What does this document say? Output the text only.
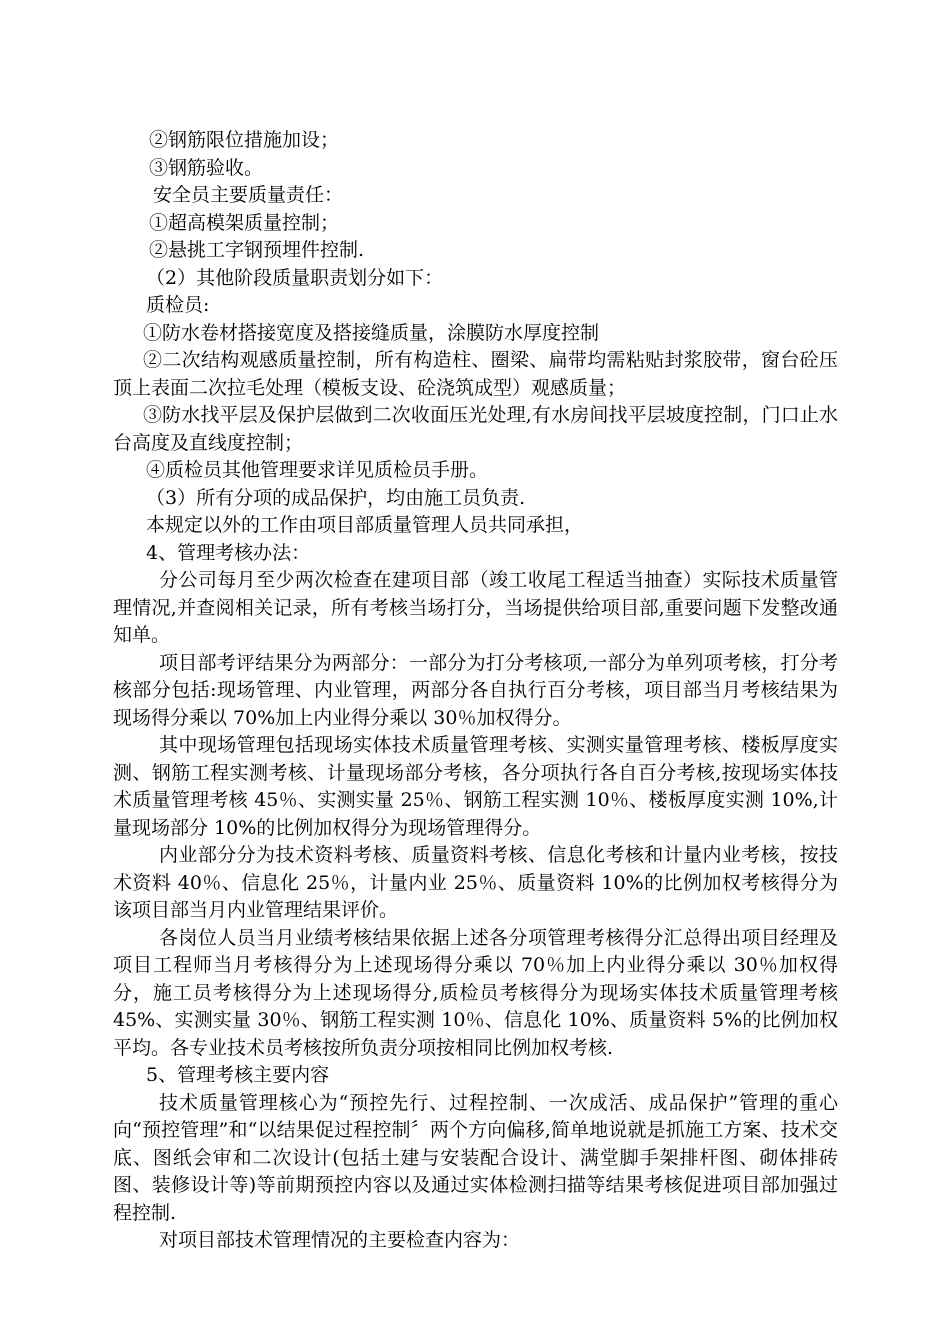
②钢筋限位措施加设；

③钢筋验收。

安全员主要质量责任：

①超高模架质量控制；

②悬挑工字钢预埋件控制.

（2）其他阶段质量职责划分如下：

质检员:

①防水卷材搭接宽度及搭接缝质量，涂膜防水厚度控制

②二次结构观感质量控制，所有构造柱、圈梁、扁带均需粘贴封浆胶带，窗台砼压顶上表面二次拉毛处理（模板支设、砼浇筑成型）观感质量；

③防水找平层及保护层做到二次收面压光处理,有水房间找平层坡度控制，门口止水台高度及直线度控制；

④质检员其他管理要求详见质检员手册。

（3）所有分项的成品保护，均由施工员负责.

本规定以外的工作由项目部质量管理人员共同承担，

4、管理考核办法：

分公司每月至少两次检查在建项目部（竣工收尾工程适当抽查）实际技术质量管理情况,并查阅相关记录，所有考核当场打分，当场提供给项目部,重要问题下发整改通知单。

项目部考评结果分为两部分：一部分为打分考核项,一部分为单列项考核，打分考核部分包括:现场管理、内业管理，两部分各自执行百分考核，项目部当月考核结果为现场得分乘以 70%加上内业得分乘以 30％加权得分。

其中现场管理包括现场实体技术质量管理考核、实测实量管理考核、楼板厚度实测、钢筋工程实测考核、计量现场部分考核，各分项执行各自百分考核,按现场实体技术质量管理考核 45％、实测实量 25％、钢筋工程实测 10％、楼板厚度实测 10%,计量现场部分 10%的比例加权得分为现场管理得分。

内业部分分为技术资料考核、质量资料考核、信息化考核和计量内业考核，按技术资料 40％、信息化 25％，计量内业 25％、质量资料 10%的比例加权考核得分为该项目部当月内业管理结果评价。

各岗位人员当月业绩考核结果依据上述各分项管理考核得分汇总得出项目经理及项目工程师当月考核得分为上述现场得分乘以 70％加上内业得分乘以 30％加权得分，施工员考核得分为上述现场得分,质检员考核得分为现场实体技术质量管理考核 45%、实测实量 30％、钢筋工程实测 10％、信息化 10%、质量资料 5%的比例加权平均。各专业技术员考核按所负责分项按相同比例加权考核.

5、管理考核主要内容

技术质量管理核心为“预控先行、过程控制、一次成活、成品保护”管理的重心向“预控管理”和“以结果促过程控制〞两个方向偏移,简单地说就是抓施工方案、技术交底、图纸会审和二次设计(包括土建与安装配合设计、满堂脚手架排杆图、砌体排砖图、装修设计等)等前期预控内容以及通过实体检测扫描等结果考核促进项目部加强过程控制.

对项目部技术管理情况的主要检查内容为：
